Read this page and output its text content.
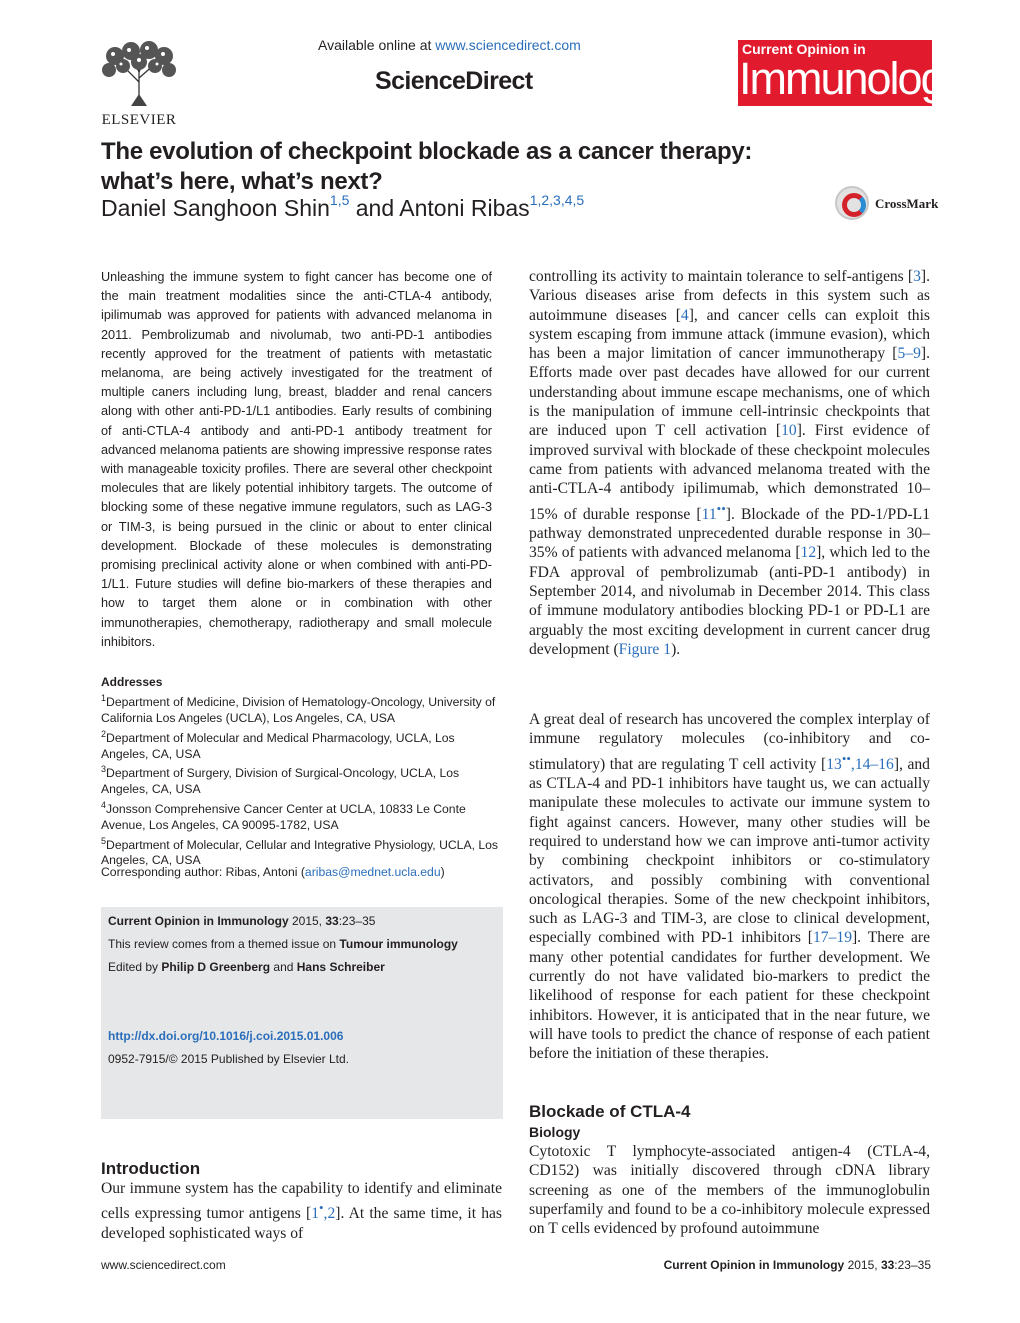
ELSEVIER
Available online at www.sciencedirect.com
ScienceDirect
Current Opinion in
Immunology
The evolution of checkpoint blockade as a cancer therapy: what’s here, what’s next?
Daniel Sanghoon Shin$^{1,5}$ and Antoni Ribas$^{1,2,3,4,5}$	CrossMark
Unleashing the immune system to fight cancer has become one of the main treatment modalities since the anti-CTLA-4 antibody, ipilimumab was approved for patients with advanced melanoma in 2011. Pembrolizumab and nivolumab, two anti-PD-1 antibodies recently approved for the treatment of patients with metastatic melanoma, are being actively investigated for the treatment of multiple caners including lung, breast, bladder and renal cancers along with other anti-PD-1/L1 antibodies. Early results of combining of anti-CTLA-4 antibody and anti-PD-1 antibody treatment for advanced melanoma patients are showing impressive response rates with manageable toxicity profiles. There are several other checkpoint molecules that are likely potential inhibitory targets. The outcome of blocking some of these negative immune regulators, such as LAG-3 or TIM-3, is being pursued in the clinic or about to enter clinical development. Blockade of these molecules is demonstrating promising preclinical activity alone or when combined with anti-PD-1/L1. Future studies will define bio-markers of these therapies and how to target them alone or in combination with other immunotherapies, chemotherapy, radiotherapy and small molecule inhibitors.
Addresses
$^1$Department of Medicine, Division of Hematology-Oncology, University of California Los Angeles (UCLA), Los Angeles, CA, USA
$^2$Department of Molecular and Medical Pharmacology, UCLA, Los Angeles, CA, USA
$^3$Department of Surgery, Division of Surgical-Oncology, UCLA, Los Angeles, CA, USA
$^4$Jonsson Comprehensive Cancer Center at UCLA, 10833 Le Conte Avenue, Los Angeles, CA 90095-1782, USA
$^5$Department of Molecular, Cellular and Integrative Physiology, UCLA, Los Angeles, CA, USA
Corresponding author: Ribas, Antoni (aribas@mednet.ucla.edu)
Current Opinion in Immunology 2015, 33:23–35
This review comes from a themed issue on Tumour immunology
Edited by Philip D Greenberg and Hans Schreiber
http://dx.doi.org/10.1016/j.coi.2015.01.006
0952-7915/© 2015 Published by Elsevier Ltd.
Introduction
Our immune system has the capability to identify and eliminate cells expressing tumor antigens [1•,2]. At the same time, it has developed sophisticated ways of
controlling its activity to maintain tolerance to self-antigens [3]. Various diseases arise from defects in this system such as autoimmune diseases [4], and cancer cells can exploit this system escaping from immune attack (immune evasion), which has been a major limitation of cancer immunotherapy [5–9]. Efforts made over past decades have allowed for our current understanding about immune escape mechanisms, one of which is the manipulation of immune cell-intrinsic checkpoints that are induced upon T cell activation [10]. First evidence of improved survival with blockade of these checkpoint molecules came from patients with advanced melanoma treated with the anti-CTLA-4 antibody ipilimumab, which demonstrated 10–15% of durable response [11••]. Blockade of the PD-1/PD-L1 pathway demonstrated unprecedented durable response in 30–35% of patients with advanced melanoma [12], which led to the FDA approval of pembrolizumab (anti-PD-1 antibody) in September 2014, and nivolumab in December 2014. This class of immune modulatory antibodies blocking PD-1 or PD-L1 are arguably the most exciting development in current cancer drug development (Figure 1).
A great deal of research has uncovered the complex interplay of immune regulatory molecules (co-inhibitory and co-stimulatory) that are regulating T cell activity [13••,14–16], and as CTLA-4 and PD-1 inhibitors have taught us, we can actually manipulate these molecules to activate our immune system to fight against cancers. However, many other studies will be required to understand how we can improve anti-tumor activity by combining checkpoint inhibitors or co-stimulatory activators, and possibly combining with conventional oncological therapies. Some of the new checkpoint inhibitors, such as LAG-3 and TIM-3, are close to clinical development, especially combined with PD-1 inhibitors [17–19]. There are many other potential candidates for further development. We currently do not have validated bio-markers to predict the likelihood of response for each patient for these checkpoint inhibitors. However, it is anticipated that in the near future, we will have tools to predict the chance of response of each patient before the initiation of these therapies.
Blockade of CTLA-4
Biology
Cytotoxic T lymphocyte-associated antigen-4 (CTLA-4, CD152) was initially discovered through cDNA library screening as one of the members of the immunoglobulin superfamily and found to be a co-inhibitory molecule expressed on T cells evidenced by profound autoimmune
www.sciencedirect.com	Current Opinion in Immunology 2015, 33:23–35
